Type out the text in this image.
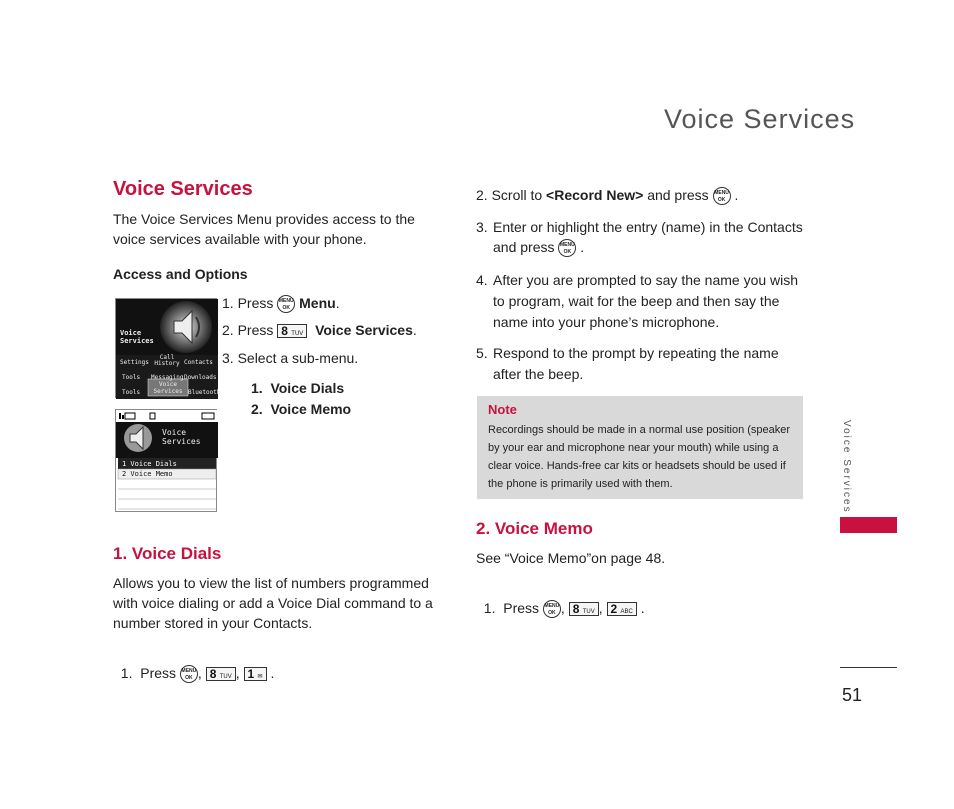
Voice Services
Voice Services
The Voice Services Menu provides access to the voice services available with your phone.
Access and Options
Voice
Services
Settings
Call History Contacts
Tools Messaging Downloads
Tools
Voice Services Bluetooth
Voice
Services
1 Voice Dials
2 Voice Memo
1. Press MENU
OK Menu.
2. Press 8 TUV Voice Services.
3. Select a sub-menu.
1.  Voice Dials
2.  Voice Memo
1. Voice Dials
Allows you to view the list of numbers programmed with voice dialing or add a Voice Dial command to a number stored in your Contacts.

1.  Press MENU
OK , 8 TUV , 1 ✉ .

2. Scroll to <Record New> and press MENU
OK .
3. Enter or highlight the entry (name) in the Contacts
and press MENU
OK .
4. After you are prompted to say the name you wish to program, wait for the beep and then say the name into your phone’s microphone.
5. Respond to the prompt by repeating the name after the beep.
Note
Recordings should be made in a normal use position (speaker by your ear and microphone near your mouth) while using a clear voice. Hands-free car kits or headsets should be used if the phone is primarily used with them.
2. Voice Memo
See “Voice Memo”on page 48.

1.  Press MENU
OK , 8 TUV , 2 ABC .

Voice Services
51
